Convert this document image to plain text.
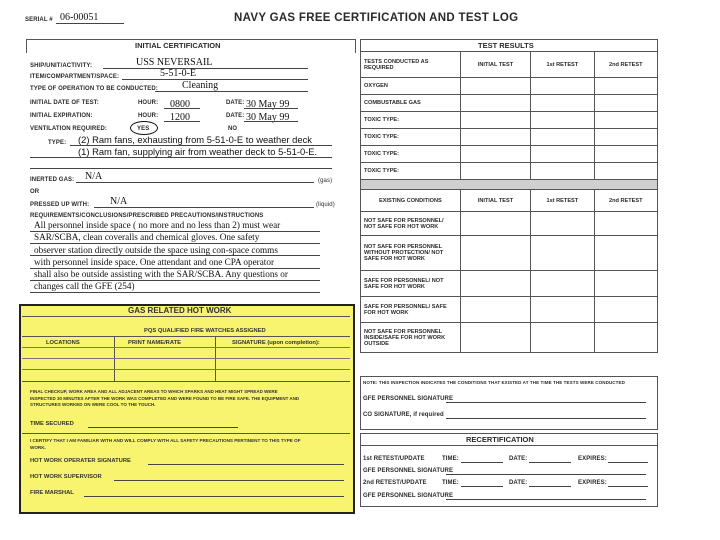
SERIAL # 06-00051	NAVY GAS FREE CERTIFICATION AND TEST LOG
INITIAL CERTIFICATION
SHIP/UNIT/ACTIVITY:	USS NEVERSAIL
ITEM/COMPARTMENT/SPACE:	5-51-0-E
TYPE OF OPERATION TO BE CONDUCTED: Cleaning
INITIAL DATE OF TEST:	HOUR: 0800	DATE: 30 May 99
INITIAL EXPIRATION:	HOUR: 1200	DATE: 30 May 99
VENTILATION REQUIRED:	YES	NO
TYPE: (2) Ram fans, exhausting from 5-51-0-E to weather deck
(1) Ram fan, supplying air from weather deck to 5-51-0-E.
INERTED GAS: N/A	(gas)
OR
PRESSED UP WITH: N/A	(liquid)
REQUIREMENTS/CONCLUSIONS/PRESCRIBED PRECAUTIONS/INSTRUCTIONS
All personnel inside space ( no more and no less than 2) must wear
SAR/SCBA, clean coveralls and chemical gloves. One safety
observer station directly outside the space using con-space comms
with personnel inside space. One attendant and one CPA operator
shall also be outside assisting with the SAR/SCBA. Any questions or
changes call the GFE (254)
GAS RELATED HOT WORK
PQS QUALIFIED FIRE WATCHES ASSIGNED
LOCATIONS	PRINT NAME/RATE	SIGNATURE (upon completion):
FINAL CHECKUP, WORK AREA AND ALL ADJACENT AREAS TO WHICH SPARKS AND HEAT MIGHT SPREAD WERE
INSPECTED 30 MINUTES AFTER THE WORK WAS COMPLETED AND WERE FOUND TO BE FIRE SAFE. THE EQUIPMENT AND
STRUCTURES WORKED ON WERE COOL TO THE TOUCH.
TIME SECURED
I CERTIFY THAT I AM FAMILIAR WITH AND WILL COMPLY WITH ALL SAFETY PRECAUTIONS PERTINENT TO THIS TYPE OF
WORK.
HOT WORK OPERATER SIGNATURE
HOT WORK SUPERVISOR
FIRE MARSHAL
TEST RESULTS
TESTS CONDUCTED AS REQUIRED	INITIAL TEST	1st RETEST	2nd RETEST
OXYGEN			
COMBUSTABLE GAS			
TOXIC TYPE:			
TOXIC TYPE:			
TOXIC TYPE:			
TOXIC TYPE:			

EXISTING CONDITIONS	INITIAL TEST	1st RETEST	2nd RETEST
NOT SAFE FOR PERSONNEL/ NOT SAFE FOR HOT WORK			
NOT SAFE FOR PERSONNEL WITHOUT PROTECTION/ NOT SAFE FOR HOT WORK			
SAFE FOR PERSONNEL/ NOT SAFE FOR HOT WORK			
SAFE FOR PERSONNEL/ SAFE FOR HOT WORK			
NOT SAFE FOR PERSONNEL INSIDE/SAFE FOR HOT WORK OUTSIDE			
NOTE: THIS INSPECTION INDICATES THE CONDITIONS THAT EXISTED AT THE TIME THE TESTS WERE CONDUCTED
GFE PERSONNEL SIGNATURE
CO SIGNATURE, if required
RECERTIFICATION
1st RETEST/UPDATE	TIME:	DATE:	EXPIRES:
GFE PERSONNEL SIGNATURE
2nd RETEST/UPDATE	TIME:	DATE:	EXPIRES:
GFE PERSONNEL SIGNATURE
